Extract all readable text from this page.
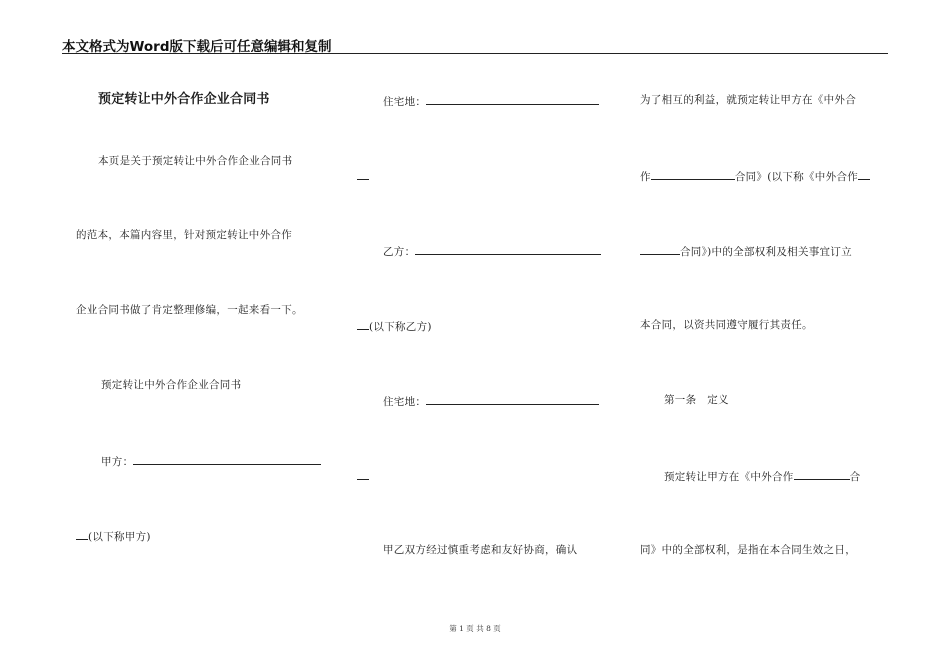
本文格式为Word版下载后可任意编辑和复制
预定转让中外合作企业合同书
本页是关于预定转让中外合作企业合同书
的范本，本篇内容里，针对预定转让中外合作
企业合同书做了肯定整理修编，一起来看一下。
预定转让中外合作企业合同书
甲方：
(以下称甲方)
住宅地：
乙方：
(以下称乙方)
住宅地：
甲乙双方经过慎重考虑和友好协商，确认
为了相互的利益，就预定转让甲方在《中外合
作	合同》(以下称《中外合作
合同》)中的全部权利及相关事宜订立
本合同，以资共同遵守履行其责任。
第一条　定义
预定转让甲方在《中外合作	合
同》中的全部权利，是指在本合同生效之日，
第 1 页 共 8 页
